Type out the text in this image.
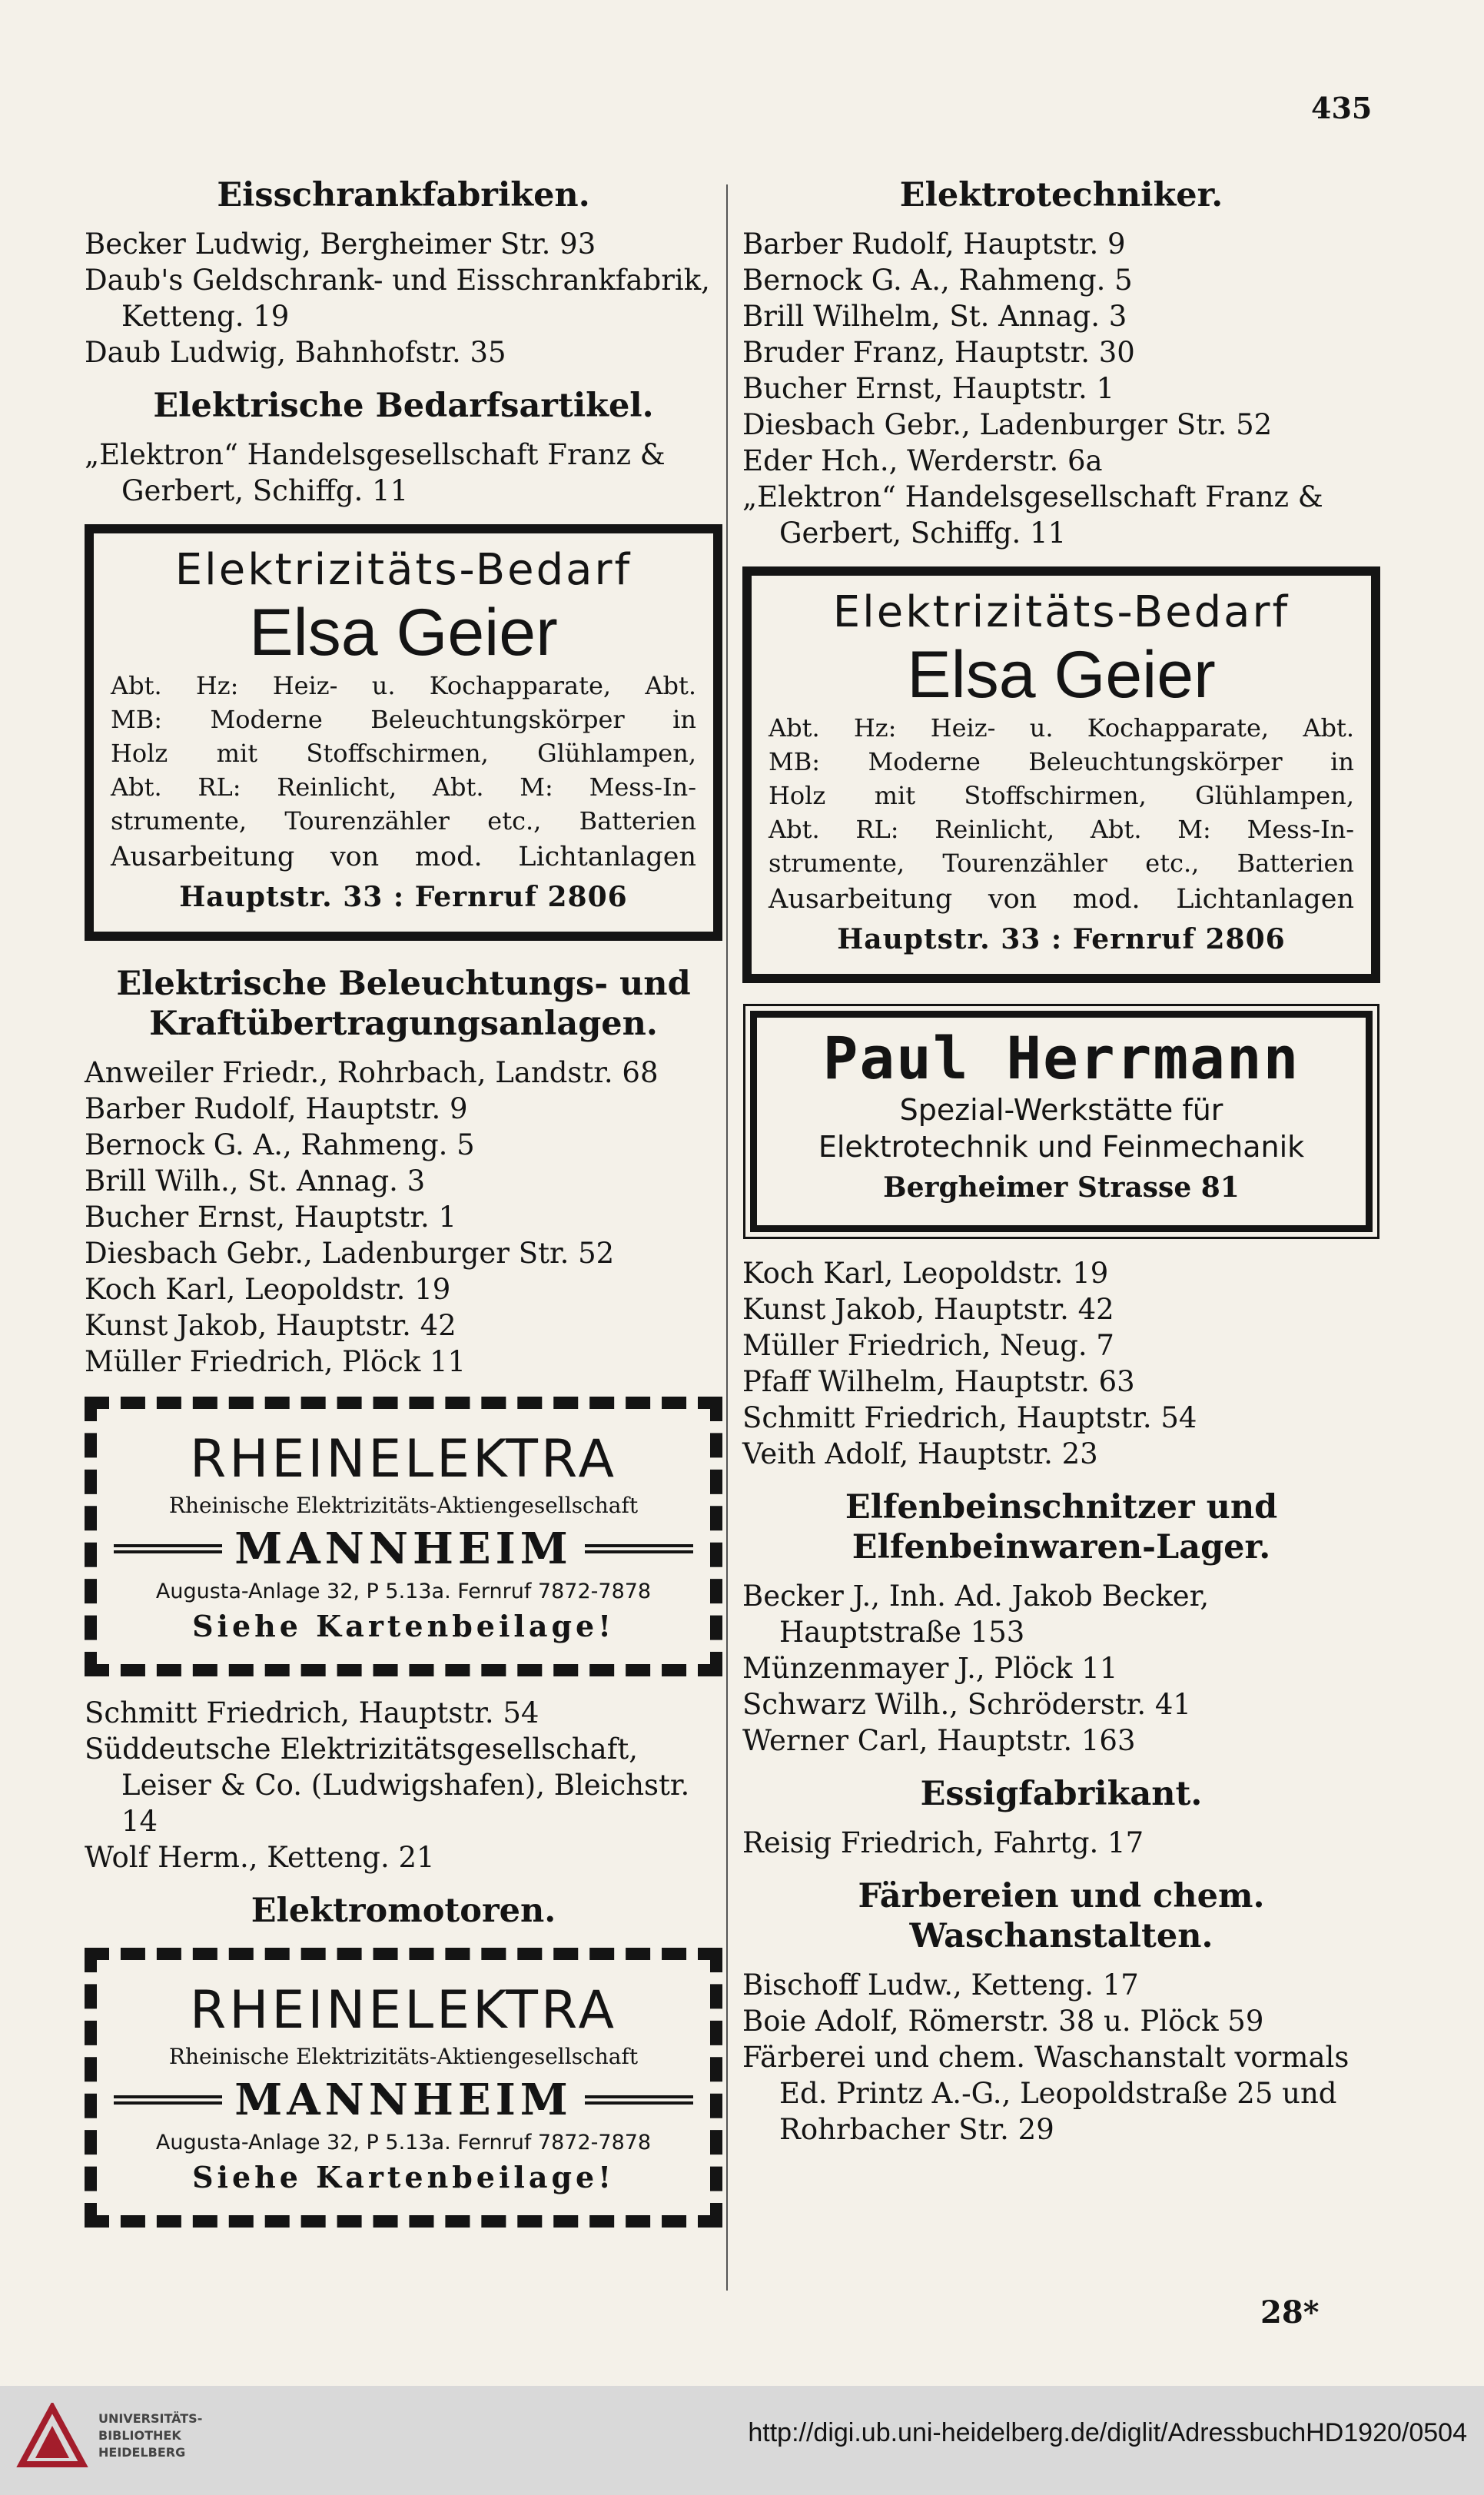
435
Eisschrankfabriken.
Becker Ludwig, Bergheimer Str. 93
Daub's Geldschrank- und Eisschrankfabrik, Ketteng. 19
Daub Ludwig, Bahnhofstr. 35
Elektrische Bedarfsartikel.
„Elektron“ Handelsgesellschaft Franz & Gerbert, Schiffg. 11
Elektrizitäts-Bedarf
Elsa Geier
Abt. Hz: Heiz- u. Kochapparate, Abt.
MB: Moderne Beleuchtungskörper in
Holz mit Stoffschirmen, Glühlampen,
Abt. RL: Reinlicht, Abt. M: Mess-In-
strumente, Tourenzähler etc., Batterien
Ausarbeitung von mod. Lichtanlagen
Hauptstr. 33 : Fernruf 2806
Elektrische Beleuchtungs- und Kraftübertragungsanlagen.
Anweiler Friedr., Rohrbach, Landstr. 68
Barber Rudolf, Hauptstr. 9
Bernock G. A., Rahmeng. 5
Brill Wilh., St. Annag. 3
Bucher Ernst, Hauptstr. 1
Diesbach Gebr., Ladenburger Str. 52
Koch Karl, Leopoldstr. 19
Kunst Jakob, Hauptstr. 42
Müller Friedrich, Plöck 11
RHEINELEKTRA
Rheinische Elektrizitäts-Aktiengesellschaft
MANNHEIM
Augusta-Anlage 32, P 5.13a. Fernruf 7872-7878
Siehe Kartenbeilage!
Schmitt Friedrich, Hauptstr. 54
Süddeutsche Elektrizitätsgesellschaft, Leiser & Co. (Ludwigshafen), Bleichstr. 14
Wolf Herm., Ketteng. 21
Elektromotoren.
RHEINELEKTRA
Rheinische Elektrizitäts-Aktiengesellschaft
MANNHEIM
Augusta-Anlage 32, P 5.13a. Fernruf 7872-7878
Siehe Kartenbeilage!
Elektrotechniker.
Barber Rudolf, Hauptstr. 9
Bernock G. A., Rahmeng. 5
Brill Wilhelm, St. Annag. 3
Bruder Franz, Hauptstr. 30
Bucher Ernst, Hauptstr. 1
Diesbach Gebr., Ladenburger Str. 52
Eder Hch., Werderstr. 6a
„Elektron“ Handelsgesellschaft Franz & Gerbert, Schiffg. 11
Elektrizitäts-Bedarf
Elsa Geier
Abt. Hz: Heiz- u. Kochapparate, Abt.
MB: Moderne Beleuchtungskörper in
Holz mit Stoffschirmen, Glühlampen,
Abt. RL: Reinlicht, Abt. M: Mess-In-
strumente, Tourenzähler etc., Batterien
Ausarbeitung von mod. Lichtanlagen
Hauptstr. 33 : Fernruf 2806
Paul Herrmann
Spezial-Werkstätte für
Elektrotechnik und Feinmechanik
Bergheimer Strasse 81
Koch Karl, Leopoldstr. 19
Kunst Jakob, Hauptstr. 42
Müller Friedrich, Neug. 7
Pfaff Wilhelm, Hauptstr. 63
Schmitt Friedrich, Hauptstr. 54
Veith Adolf, Hauptstr. 23
Elfenbeinschnitzer und Elfenbeinwaren-Lager.
Becker J., Inh. Ad. Jakob Becker, Hauptstraße 153
Münzenmayer J., Plöck 11
Schwarz Wilh., Schröderstr. 41
Werner Carl, Hauptstr. 163
Essigfabrikant.
Reisig Friedrich, Fahrtg. 17
Färbereien und chem. Waschanstalten.
Bischoff Ludw., Ketteng. 17
Boie Adolf, Römerstr. 38 u. Plöck 59
Färberei und chem. Waschanstalt vormals Ed. Printz A.-G., Leopoldstraße 25 und Rohrbacher Str. 29
28*
UNIVERSITÄTS-
BIBLIOTHEK
HEIDELBERG
http://digi.ub.uni-heidelberg.de/diglit/AdressbuchHD1920/0504
